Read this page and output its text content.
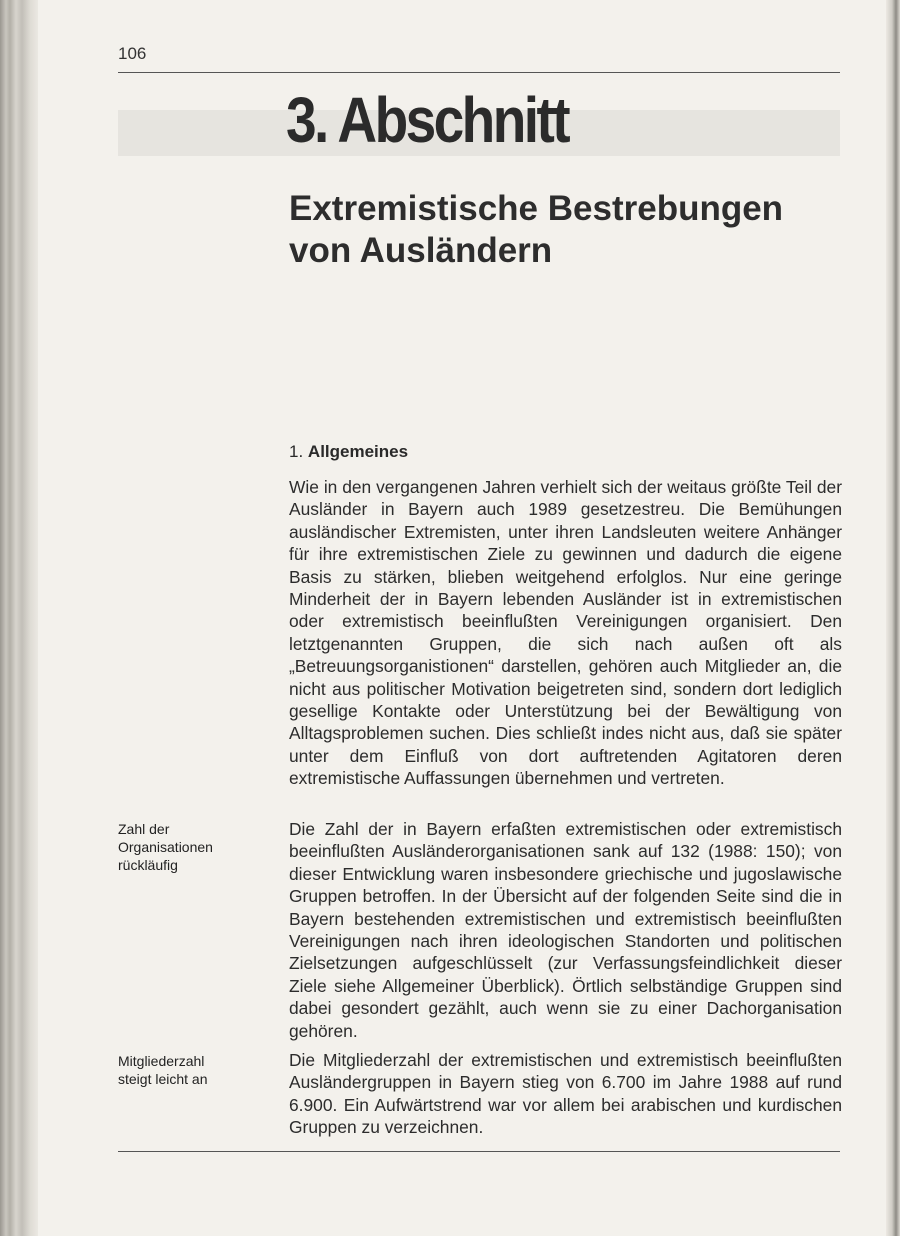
106
3. Abschnitt
Extremistische Bestrebungen
von Ausländern
1. Allgemeines

Wie in den vergangenen Jahren verhielt sich der weitaus größte Teil der Ausländer in Bayern auch 1989 gesetzestreu. Die Bemühungen ausländischer Extremisten, unter ihren Landsleuten weitere Anhänger für ihre extremistischen Ziele zu gewinnen und dadurch die eigene Basis zu stärken, blieben weitgehend erfolglos. Nur eine geringe Minderheit der in Bayern lebenden Ausländer ist in extremistischen oder extremistisch beeinflußten Vereinigungen organisiert. Den letztgenannten Gruppen, die sich nach außen oft als „Betreuungsorganistionen“ darstellen, gehören auch Mitglieder an, die nicht aus politischer Motivation beigetreten sind, sondern dort lediglich gesellige Kontakte oder Unterstützung bei der Bewältigung von Alltagsproblemen suchen. Dies schließt indes nicht aus, daß sie später unter dem Einfluß von dort auftretenden Agitatoren deren extremistische Auffassungen übernehmen und vertreten.

Die Zahl der in Bayern erfaßten extremistischen oder extremistisch beeinflußten Ausländerorganisationen sank auf 132 (1988: 150); von dieser Entwicklung waren insbesondere griechische und jugoslawische Gruppen betroffen. In der Übersicht auf der folgenden Seite sind die in Bayern bestehenden extremistischen und extremistisch beeinflußten Vereinigungen nach ihren ideologischen Standorten und politischen Zielsetzungen aufgeschlüsselt (zur Verfassungsfeindlichkeit dieser Ziele siehe Allgemeiner Überblick). Örtlich selbständige Gruppen sind dabei gesondert gezählt, auch wenn sie zu einer Dachorganisation gehören.

Die Mitgliederzahl der extremistischen und extremistisch beeinflußten Ausländergruppen in Bayern stieg von 6.700 im Jahre 1988 auf rund 6.900. Ein Aufwärtstrend war vor allem bei arabischen und kurdischen Gruppen zu verzeichnen.

Zahl der
Organisationen
rückläufig
Mitgliederzahl
steigt leicht an
